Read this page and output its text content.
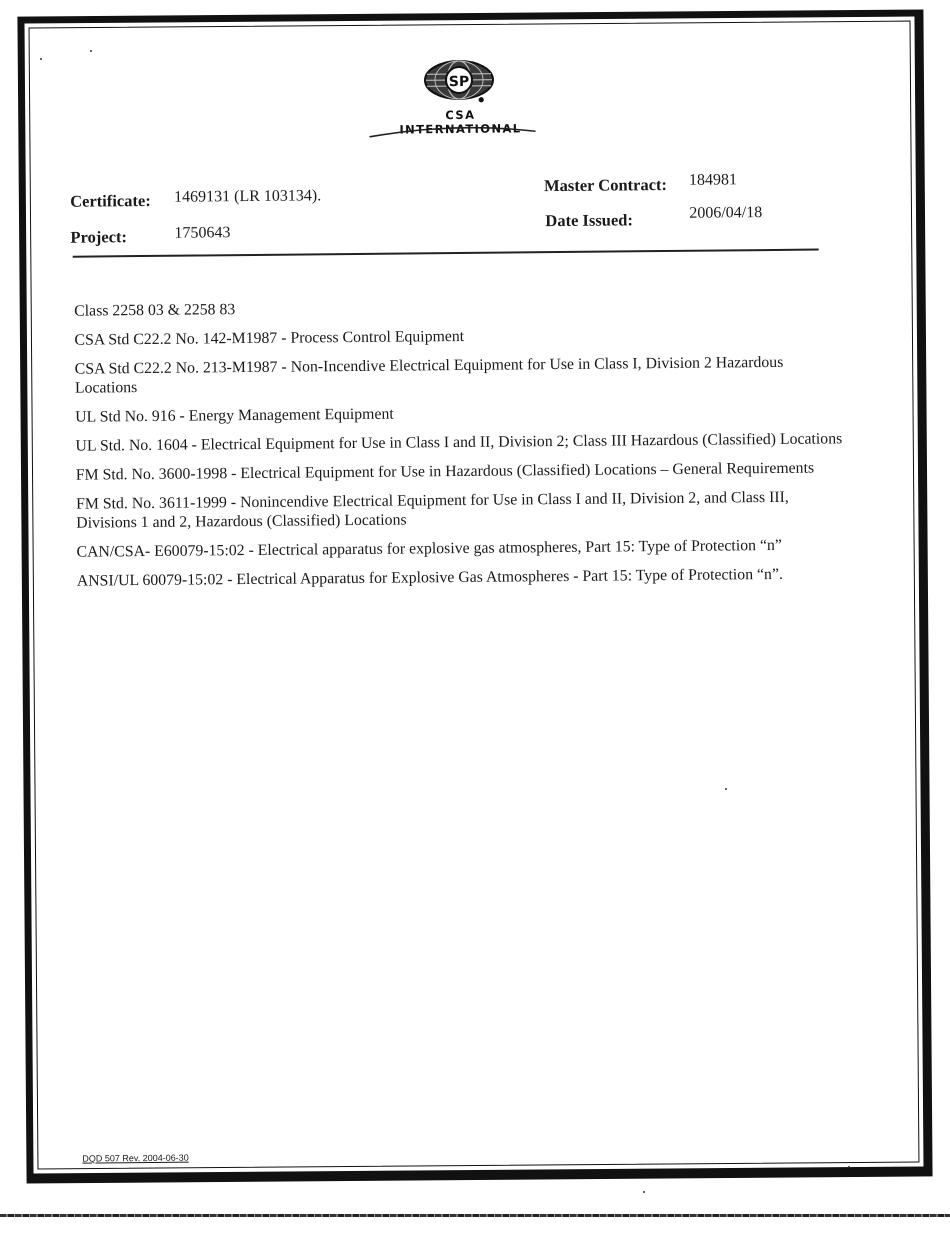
SP
CSA INTERNATIONAL
Certificate: 1469131 (LR 103134).
Project:	1750643
Master Contract: 184981
Date Issued:	2006/04/18

Class 2258 03 & 2258 83

CSA Std C22.2 No. 142-M1987 - Process Control Equipment

CSA Std C22.2 No. 213-M1987 - Non-Incendive Electrical Equipment for Use in Class I, Division 2 Hazardous Locations

UL Std No. 916 - Energy Management Equipment

UL Std. No. 1604 - Electrical Equipment for Use in Class I and II, Division 2; Class III Hazardous (Classified) Locations

FM Std. No. 3600-1998 - Electrical Equipment for Use in Hazardous (Classified) Locations – General Requirements

FM Std. No. 3611-1999 - Nonincendive Electrical Equipment for Use in Class I and II, Division 2, and Class III, Divisions 1 and 2, Hazardous (Classified) Locations

CAN/CSA- E60079-15:02 - Electrical apparatus for explosive gas atmospheres, Part 15: Type of Protection “n”

ANSI/UL 60079-15:02 - Electrical Apparatus for Explosive Gas Atmospheres - Part 15: Type of Protection “n”.

DQD 507 Rev. 2004-06-30
